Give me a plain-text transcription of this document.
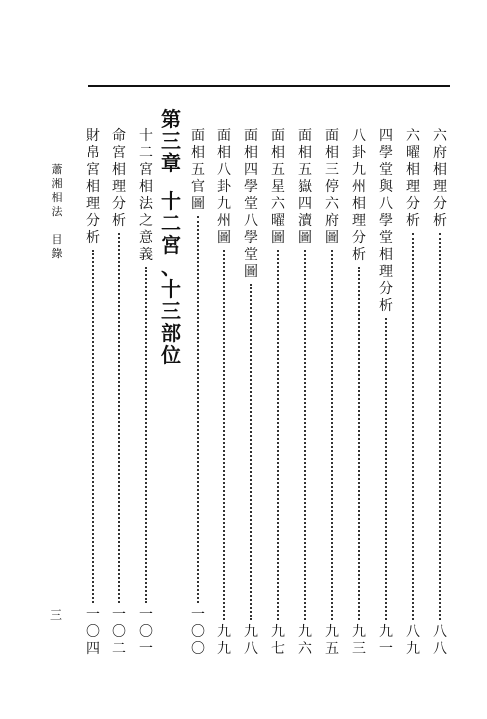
六
府
相
理
分
析
八
八
六
曜
相
理
分
析
八
九
四
學
堂
與
八
學
堂
相
理
分
析
九
一
八
卦
九
州
相
理
分
析
九
三
面
相
三
停
六
府
圖
九
五
面
相
五
嶽
四
瀆
圖
九
六
面
相
五
星
六
曜
圖
九
七
面
相
四
學
堂
八
學
堂
圖
九
八
面
相
八
卦
九
州
圖
九
九
面
相
五
官
圖
一
〇
〇
第
三
章
十
二
宮
、
十
三
部
位
十
二
宮
相
法
之
意
義
一
〇
一
命
宮
相
理
分
析
一
〇
二
財
帛
宮
相
理
分
析
一
〇
四
蕭
湘
相
法
目
錄
三
